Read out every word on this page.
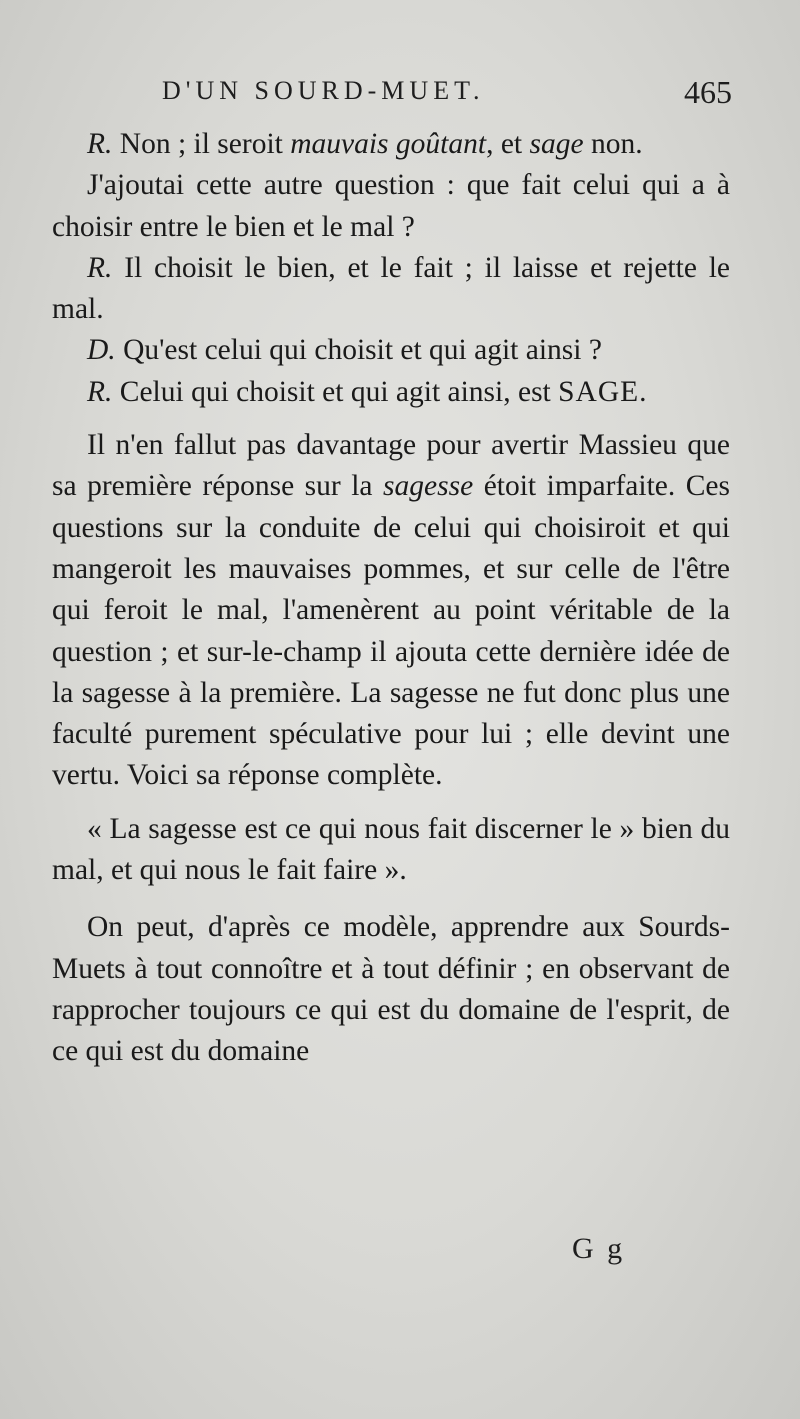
D'UN SOURD-MUET.	465

R. Non ; il seroit mauvais goûtant, et sage non.

J'ajoutai cette autre question : que fait celui qui a à choisir entre le bien et le mal ?

R. Il choisit le bien, et le fait ; il laisse et rejette le mal.

D. Qu'est celui qui choisit et qui agit ainsi ?

R. Celui qui choisit et qui agit ainsi, est SAGE.

Il n'en fallut pas davantage pour avertir Massieu que sa première réponse sur la sagesse étoit imparfaite. Ces questions sur la conduite de celui qui choisiroit et qui mangeroit les mauvaises pommes, et sur celle de l'être qui feroit le mal, l'amenèrent au point véritable de la question ; et sur-le-champ il ajouta cette dernière idée de la sagesse à la première. La sagesse ne fut donc plus une faculté purement spéculative pour lui ; elle devint une vertu. Voici sa réponse complète.

« La sagesse est ce qui nous fait discerner le » bien du mal, et qui nous le fait faire ».

On peut, d'après ce modèle, apprendre aux Sourds-Muets à tout connoître et à tout définir ; en observant de rapprocher toujours ce qui est du domaine de l'esprit, de ce qui est du domaine

G g
